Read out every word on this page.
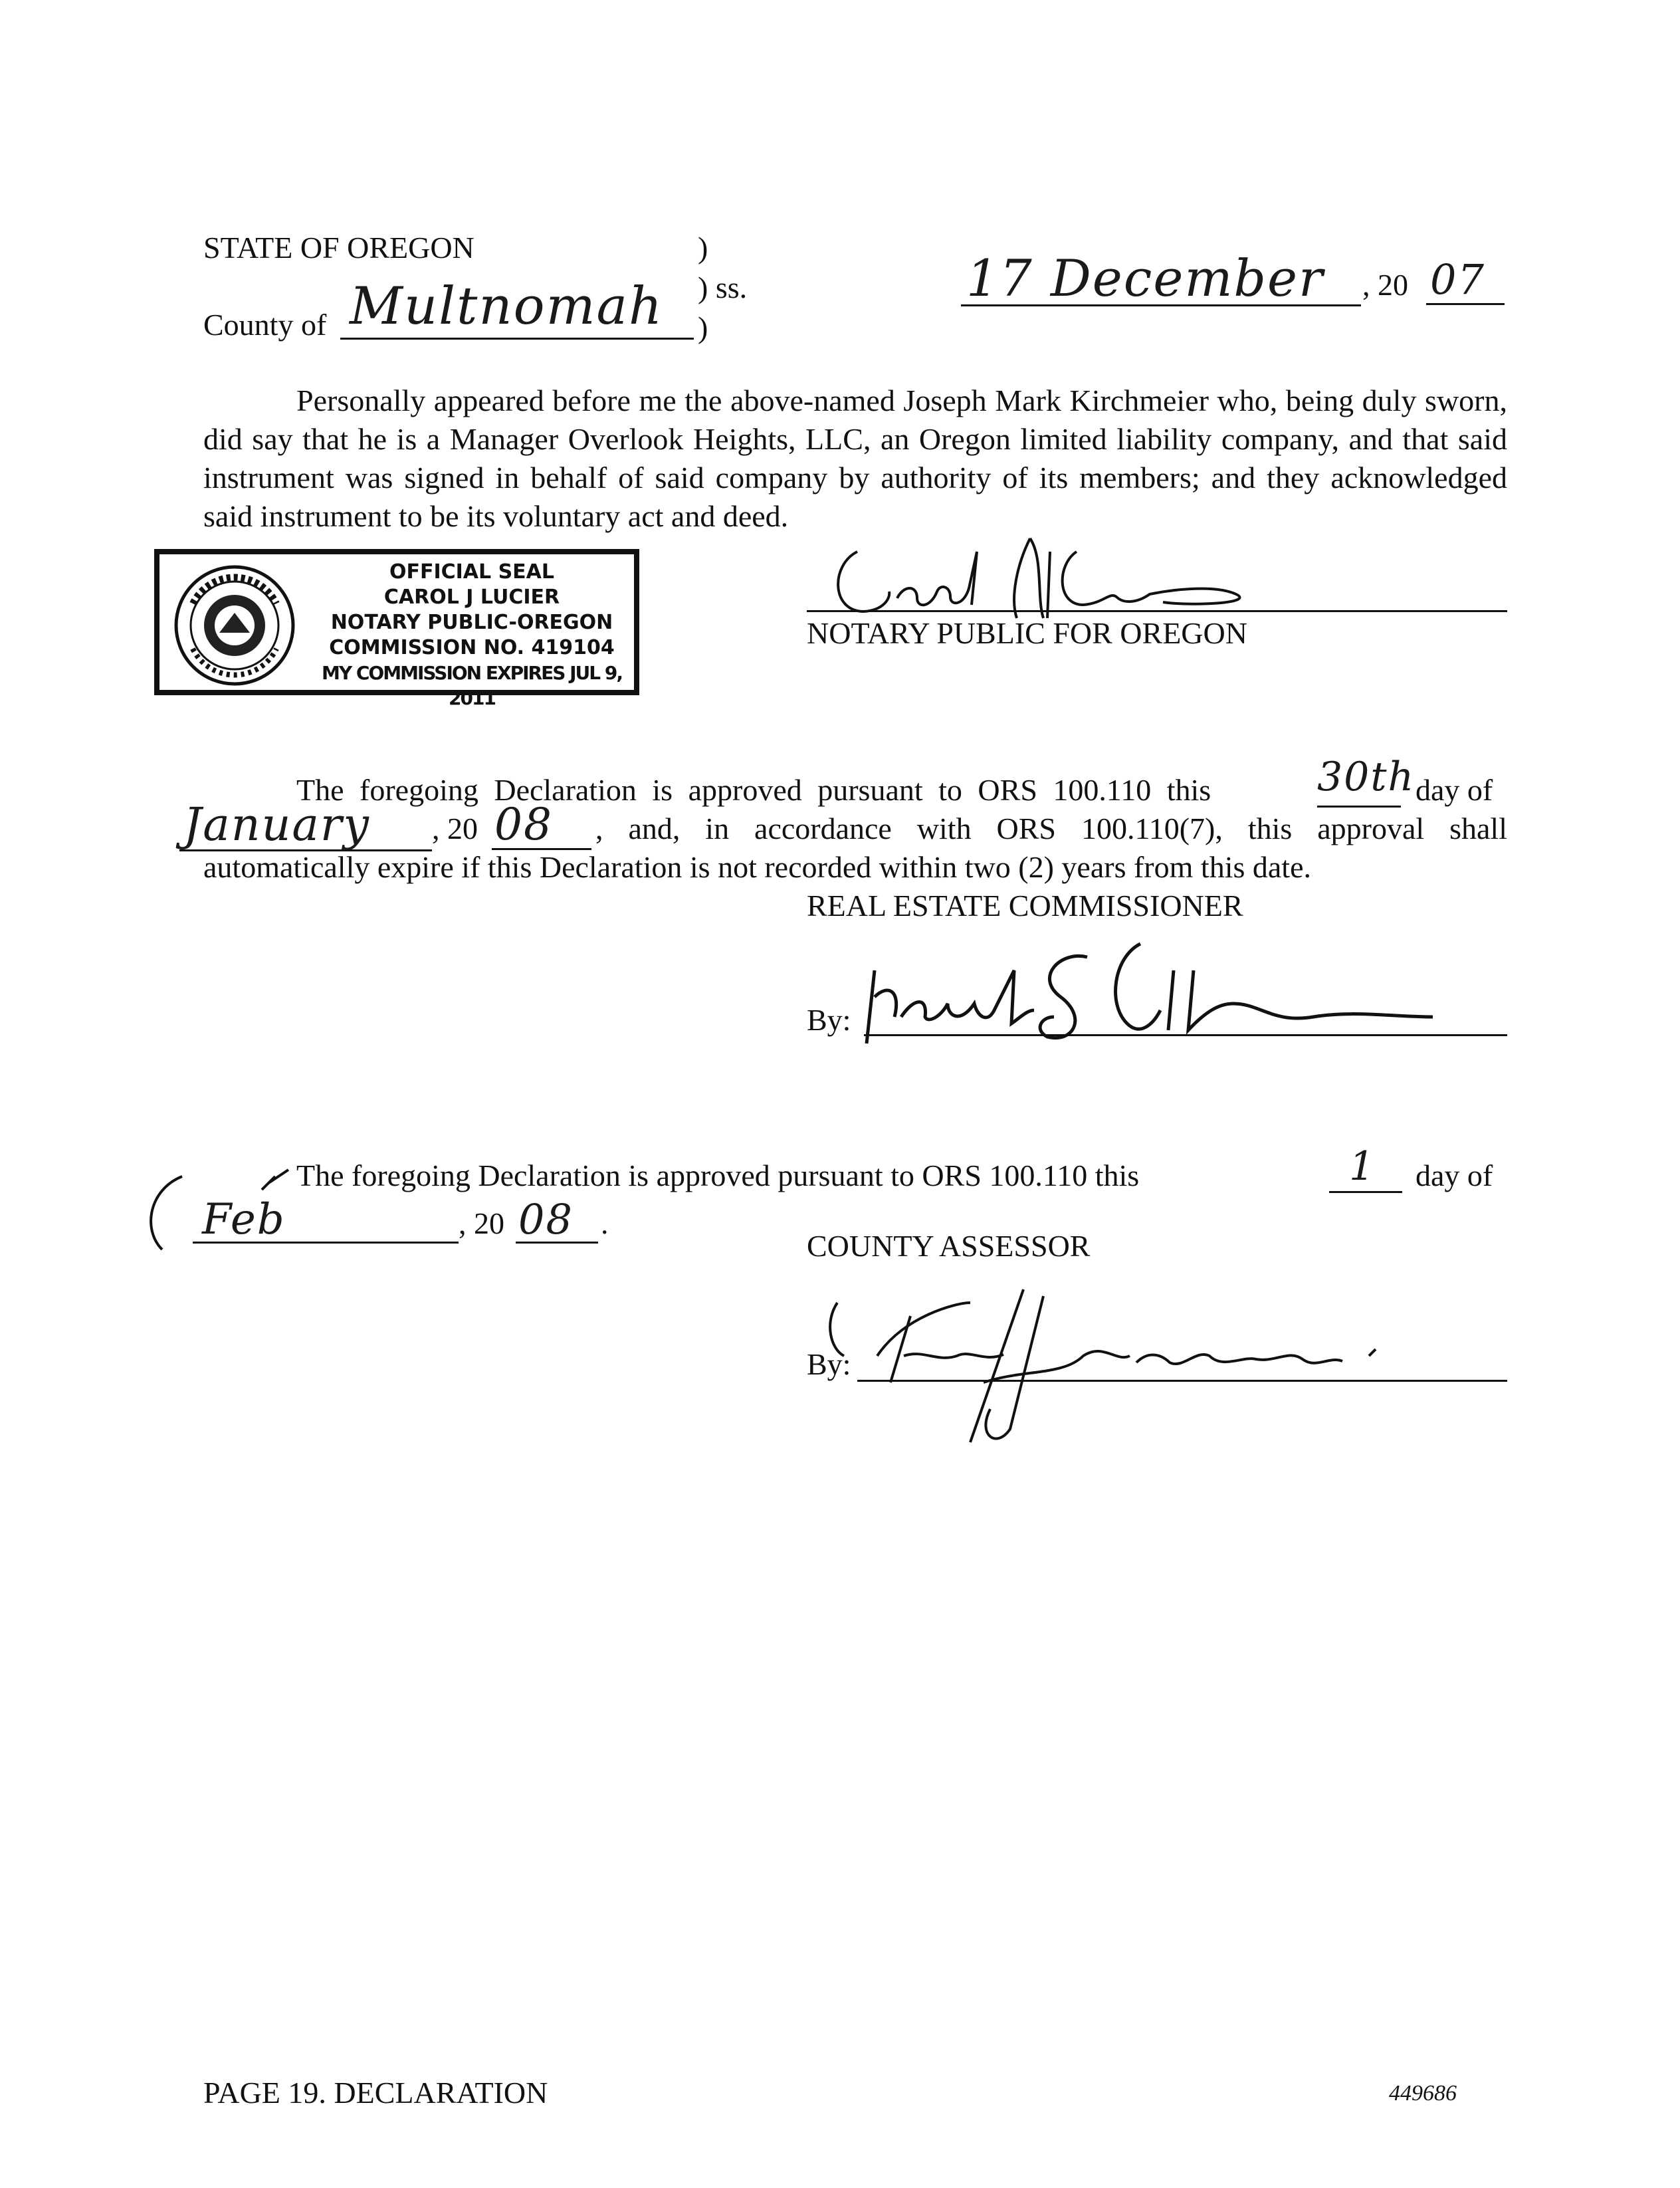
STATE OF OREGON	)
) ss.
County of Multnomah )
17 December , 20 07
Personally appeared before me the above-named Joseph Mark Kirchmeier who, being duly sworn, did say that he is a Manager Overlook Heights, LLC, an Oregon limited liability company, and that said instrument was signed in behalf of said company by authority of its members; and they acknowledged said instrument to be its voluntary act and deed.
OFFICIAL SEAL
CAROL J LUCIER
NOTARY PUBLIC-OREGON
COMMISSION NO. 419104
MY COMMISSION EXPIRES JUL 9, 2011
NOTARY PUBLIC FOR OREGON
The foregoing Declaration is approved pursuant to ORS 100.110 this	30th day of
January , 20 08	, and, in accordance with ORS 100.110(7), this approval shall automatically expire if this Declaration is not recorded within two (2) years from this date.
REAL ESTATE COMMISSIONER
By:
The foregoing Declaration is approved pursuant to ORS 100.110 this	1 day of
Feb	, 20 08 .
COUNTY ASSESSOR
By:
PAGE 19. DECLARATION	449686
